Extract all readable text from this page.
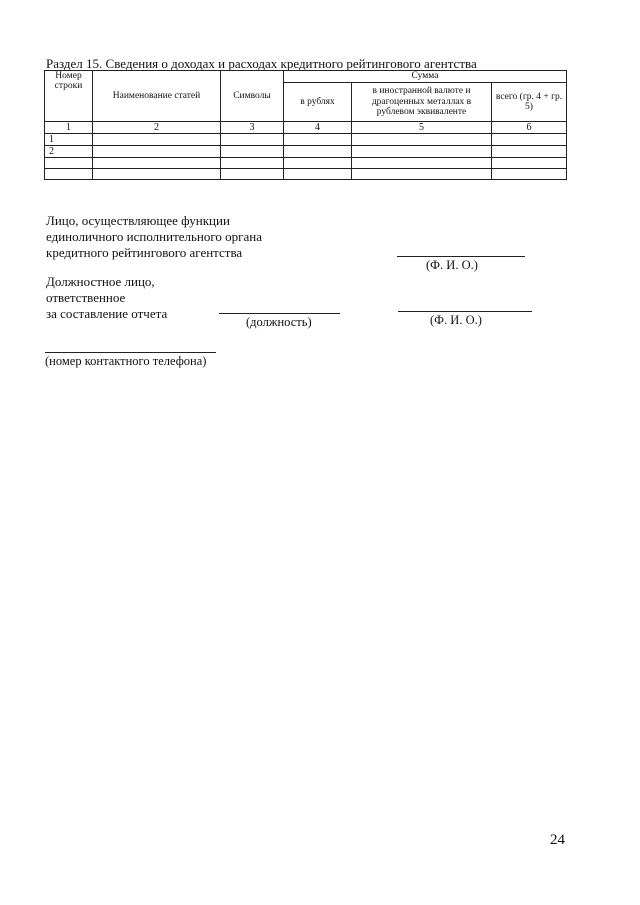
Раздел 15. Сведения о доходах и расходах кредитного рейтингового агентства
Номер строки	Наименование статей	Символы	Сумма		
			в рублях	в иностранной валюте и драгоценных металлах в рублевом эквиваленте	всего (гр. 4 + гр. 5)
1	2	3	4	5	6
1					
2					

Лицо, осуществляющее функции
единоличного исполнительного органа
кредитного рейтингового агентства
(Ф. И. О.)
Должностное лицо,
ответственное
за составление отчета
(должность)	(Ф. И. О.)
(номер контактного телефона)
24
